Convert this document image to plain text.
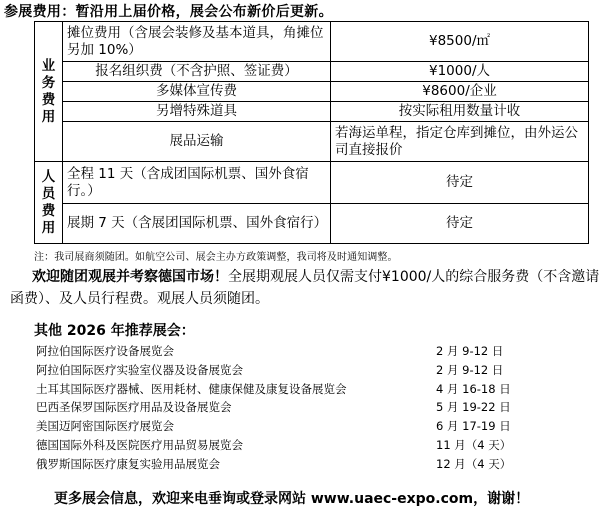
参展费用：暂沿用上届价格，展会公布新价后更新。
业
务
费
用	摊位费用（含展会装修及基本道具，角摊位另加 10%）	¥8500/㎡
	报名组织费（不含护照、签证费）	¥1000/人
	多媒体宣传费	¥8600/企业
	另增特殊道具	按实际租用数量计收
	展品运输	若海运单程，指定仓库到摊位，由外运公司直接报价
人
员
费
用	全程 11 天（含成团国际机票、国外食宿行。）	待定
	展期 7 天（含展团国际机票、国外食宿行）	待定
注：我司展商须随团。如航空公司、展会主办方政策调整，我司将及时通知调整。
欢迎随团观展并考察德国市场！全展期观展人员仅需支付¥1000/人的综合服务费（不含邀请函费）、及人员行程费。观展人员须随团。
其他 2026 年推荐展会：
阿拉伯国际医疗设备展览会	2 月 9-12 日
阿拉伯国际医疗实验室仪器及设备展览会	2 月 9-12 日
土耳其国际医疗器械、医用耗材、健康保健及康复设备展览会	4 月 16-18 日
巴西圣保罗国际医疗用品及设备展览会	5 月 19-22 日
美国迈阿密国际医疗展览会	6 月 17-19 日
德国国际外科及医院医疗用品贸易展览会	11 月（4 天）
俄罗斯国际医疗康复实验用品展览会	12 月（4 天）
更多展会信息，欢迎来电垂询或登录网站 www.uaec-expo.com，谢谢！
